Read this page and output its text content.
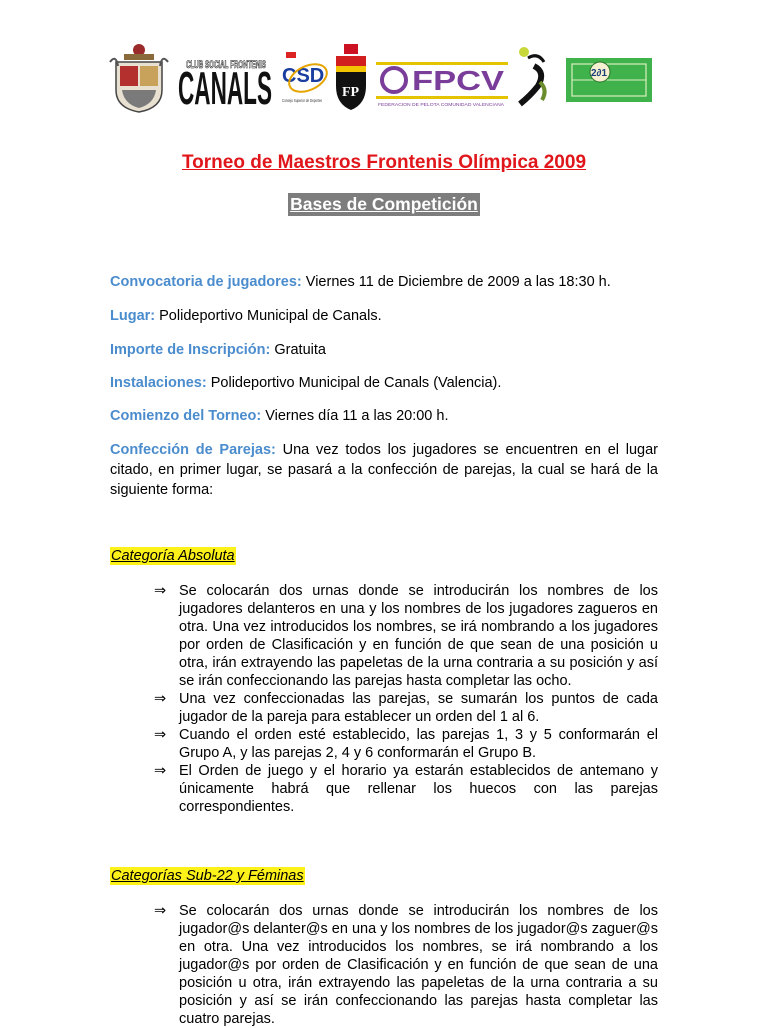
CANALS
CLUB SOCIAL FRONTENIS CSD
Consejo Superior de Deportes
FP FPCV
FEDERACION DE PELOTA COMUNIDAD VALENCIANA
2∂1
Torneo de Maestros Frontenis Olímpica 2009
Bases de Competición
Convocatoria de jugadores: Viernes 11 de Diciembre de 2009 a las 18:30 h.
Lugar: Polideportivo Municipal de Canals.
Importe de Inscripción: Gratuita
Instalaciones: Polideportivo Municipal de Canals (Valencia).
Comienzo del Torneo: Viernes día 11 a las 20:00 h.
Confección de Parejas: Una vez todos los jugadores se encuentren en el lugar citado, en primer lugar, se pasará a la confección de parejas, la cual se hará de la siguiente forma:
Categoría Absoluta
⇒ Se colocarán dos urnas donde se introducirán los nombres de los jugadores delanteros en una y los nombres de los jugadores zagueros en otra. Una vez introducidos los nombres, se irá nombrando a los jugadores por orden de Clasificación y en función de que sean de una posición u otra, irán extrayendo las papeletas de la urna contraria a su posición y así se irán confeccionando las parejas hasta completar las ocho.
⇒ Una vez confeccionadas las parejas, se sumarán los puntos de cada jugador de la pareja para establecer un orden del 1 al 6.
⇒ Cuando el orden esté establecido, las parejas 1, 3 y 5 conformarán el Grupo A, y las parejas 2, 4 y 6 conformarán el Grupo B.
⇒ El Orden de juego y el horario ya estarán establecidos de antemano y únicamente habrá que rellenar los huecos con las parejas correspondientes.
Categorías Sub-22 y Féminas
⇒ Se colocarán dos urnas donde se introducirán los nombres de los jugador@s delanter@s en una y los nombres de los jugador@s zaguer@s en otra. Una vez introducidos los nombres, se irá nombrando a los jugador@s por orden de Clasificación y en función de que sean de una posición u otra, irán extrayendo las papeletas de la urna contraria a su posición y así se irán confeccionando las parejas hasta completar las cuatro parejas.
